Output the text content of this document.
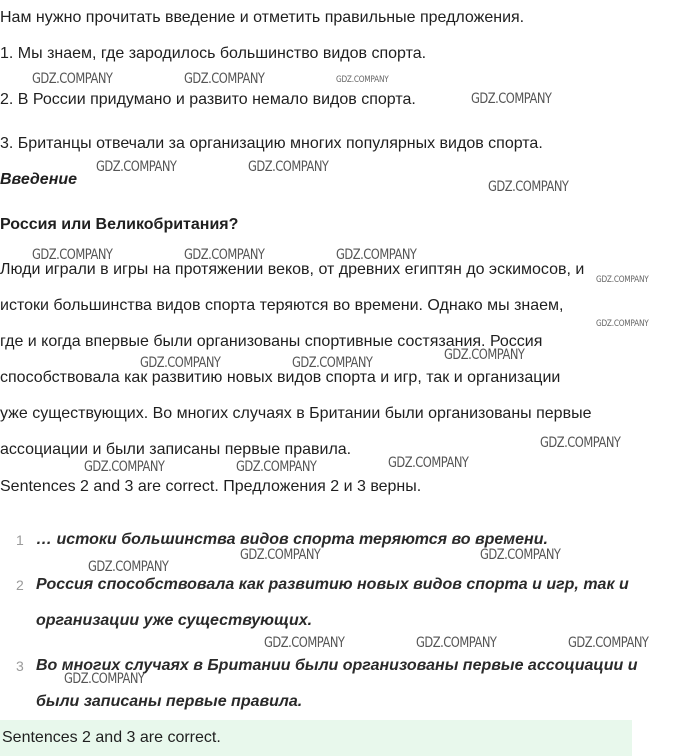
Нам нужно прочитать введение и отметить правильные предложения.
1. Мы знаем, где зародилось большинство видов спорта.
2. В России придумано и развито немало видов спорта.
3. Британцы отвечали за организацию многих популярных видов спорта.
Введение
Россия или Великобритания?
Люди играли в игры на протяжении веков, от древних египтян до эскимосов, и
истоки большинства видов спорта теряются во времени. Однако мы знаем,
где и когда впервые были организованы спортивные состязания. Россия
способствовала как развитию новых видов спорта и игр, так и организации
уже существующих. Во многих случаях в Британии были организованы первые
ассоциации и были записаны первые правила.
Sentences 2 and 3 are correct. Предложения 2 и 3 верны.
1 … истоки большинства видов спорта теряются во времени.
2 Россия способствовала как развитию новых видов спорта и игр, так и
организации уже существующих.
3 Во многих случаях в Британии были организованы первые ассоциации и
были записаны первые правила.
Sentences 2 and 3 are correct.
GDZ.COMPANY	GDZ.COMPANY	GDZ.COMPANY
GDZ.COMPANY
GDZ.COMPANY	GDZ.COMPANY
GDZ.COMPANY
GDZ.COMPANY	GDZ.COMPANY	GDZ.COMPANY
GDZ.COMPANY
GDZ.COMPANY
GDZ.COMPANY
GDZ.COMPANY	GDZ.COMPANY
GDZ.COMPANY
GDZ.COMPANY
GDZ.COMPANY	GDZ.COMPANY
GDZ.COMPANY	GDZ.COMPANY
GDZ.COMPANY
GDZ.COMPANY	GDZ.COMPANY	GDZ.COMPANY
GDZ.COMPANY
